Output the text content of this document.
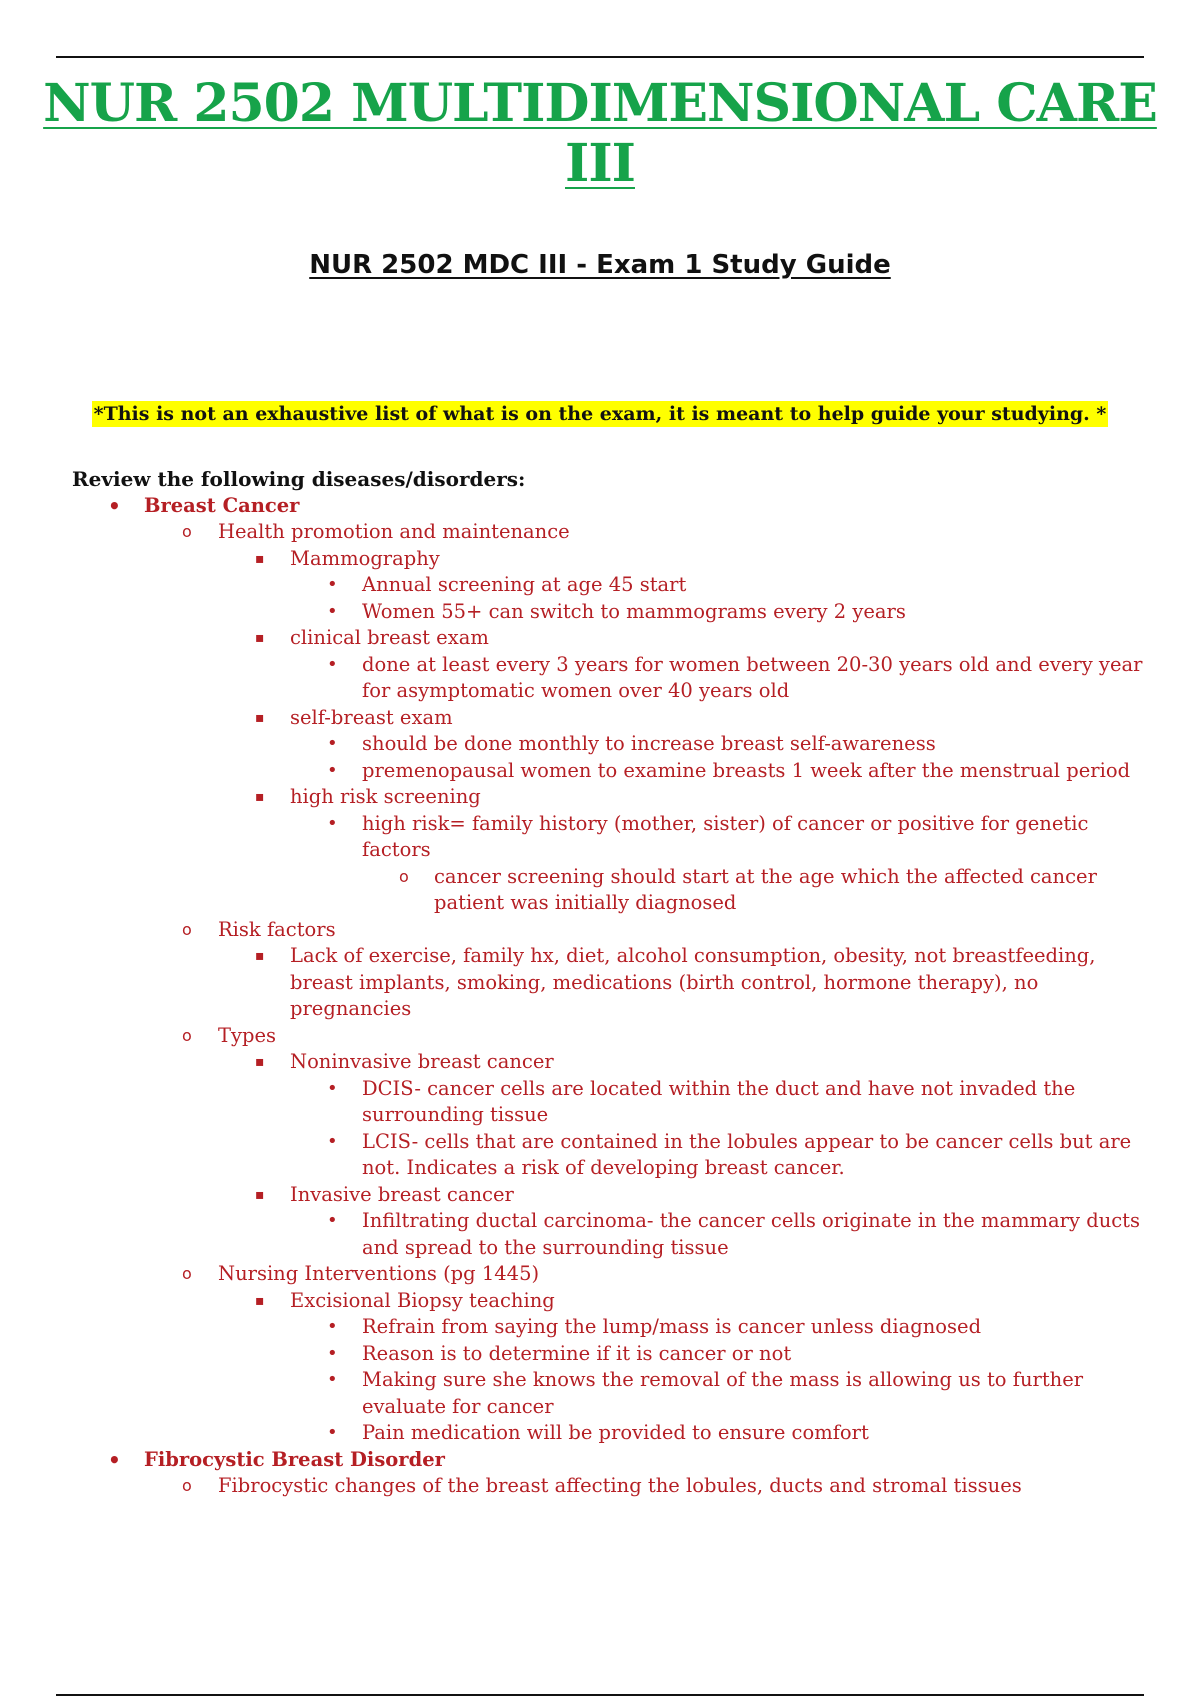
NUR 2502 MULTIDIMENSIONAL CARE III
NUR 2502 MDC III - Exam 1 Study Guide
*This is not an exhaustive list of what is on the exam, it is meant to help guide your studying. *
Review the following diseases/disorders:
• Breast Cancer
o Health promotion and maintenance
▪ Mammography
• Annual screening at age 45 start
• Women 55+ can switch to mammograms every 2 years
▪ clinical breast exam
• done at least every 3 years for women between 20-30 years old and every year for asymptomatic women over 40 years old
▪ self-breast exam
• should be done monthly to increase breast self-awareness
• premenopausal women to examine breasts 1 week after the menstrual period
▪ high risk screening
• high risk= family history (mother, sister) of cancer or positive for genetic factors
o cancer screening should start at the age which the affected cancer patient was initially diagnosed
o Risk factors
▪ Lack of exercise, family hx, diet, alcohol consumption, obesity, not breastfeeding, breast implants, smoking, medications (birth control, hormone therapy), no pregnancies
o Types
▪ Noninvasive breast cancer
• DCIS- cancer cells are located within the duct and have not invaded the surrounding tissue
• LCIS- cells that are contained in the lobules appear to be cancer cells but are not. Indicates a risk of developing breast cancer.
▪ Invasive breast cancer
• Infiltrating ductal carcinoma- the cancer cells originate in the mammary ducts and spread to the surrounding tissue
o Nursing Interventions (pg 1445)
▪ Excisional Biopsy teaching
• Refrain from saying the lump/mass is cancer unless diagnosed
• Reason is to determine if it is cancer or not
• Making sure she knows the removal of the mass is allowing us to further evaluate for cancer
• Pain medication will be provided to ensure comfort
• Fibrocystic Breast Disorder
o Fibrocystic changes of the breast affecting the lobules, ducts and stromal tissues
